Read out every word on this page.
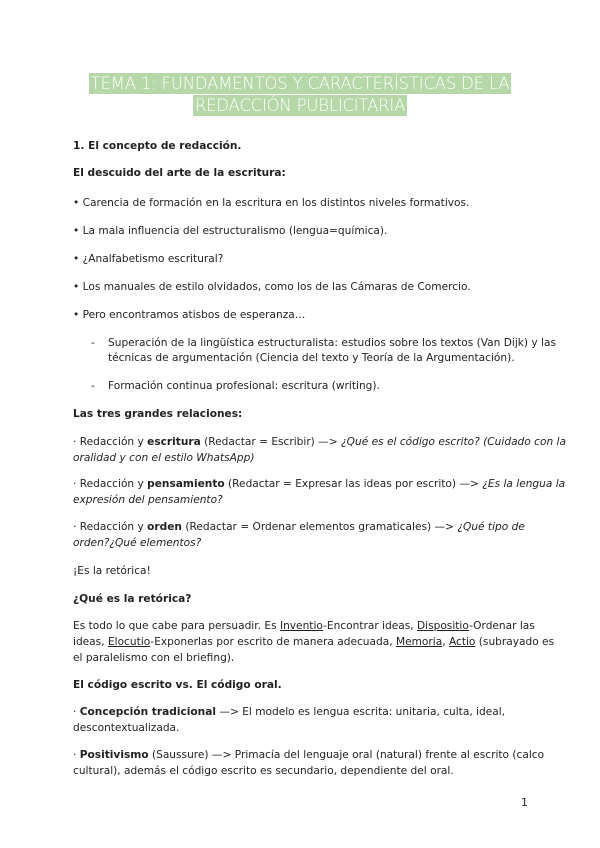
TEMA 1: FUNDAMENTOS Y CARACTERÍSTICAS DE LA
REDACCIÓN PUBLICITARIA
1. El concepto de redacción.
El descuido del arte de la escritura:
• Carencia de formación en la escritura en los distintos niveles formativos.
• La mala influencia del estructuralismo (lengua=química).
• ¿Analfabetismo escritural?
• Los manuales de estilo olvidados, como los de las Cámaras de Comercio.
• Pero encontramos atisbos de esperanza…
- Superación de la lingüística estructuralista: estudios sobre los textos (Van Dijk) y las
técnicas de argumentación (Ciencia del texto y Teoría de la Argumentación).
- Formación continua profesional: escritura (writing).
Las tres grandes relaciones:
· Redacción y escritura (Redactar = Escribir) —> ¿Qué es el código escrito? (Cuidado con la
oralidad y con el estilo WhatsApp)
· Redacción y pensamiento (Redactar = Expresar las ideas por escrito) —> ¿Es la lengua la
expresión del pensamiento?
· Redacción y orden (Redactar = Ordenar elementos gramaticales) —> ¿Qué tipo de
orden?¿Qué elementos?
¡Es la retórica!
¿Qué es la retórica?
Es todo lo que cabe para persuadir. Es Inventio-Encontrar ideas, Dispositio-Ordenar las
ideas, Elocutio-Exponerlas por escrito de manera adecuada, Memoria, Actio (subrayado es
el paralelismo con el briefing).
El código escrito vs. El código oral.
· Concepción tradicional —> El modelo es lengua escrita: unitaria, culta, ideal,
descontextualizada.
· Positivismo (Saussure) —> Primacía del lenguaje oral (natural) frente al escrito (calco
cultural), además el código escrito es secundario, dependiente del oral.
1
